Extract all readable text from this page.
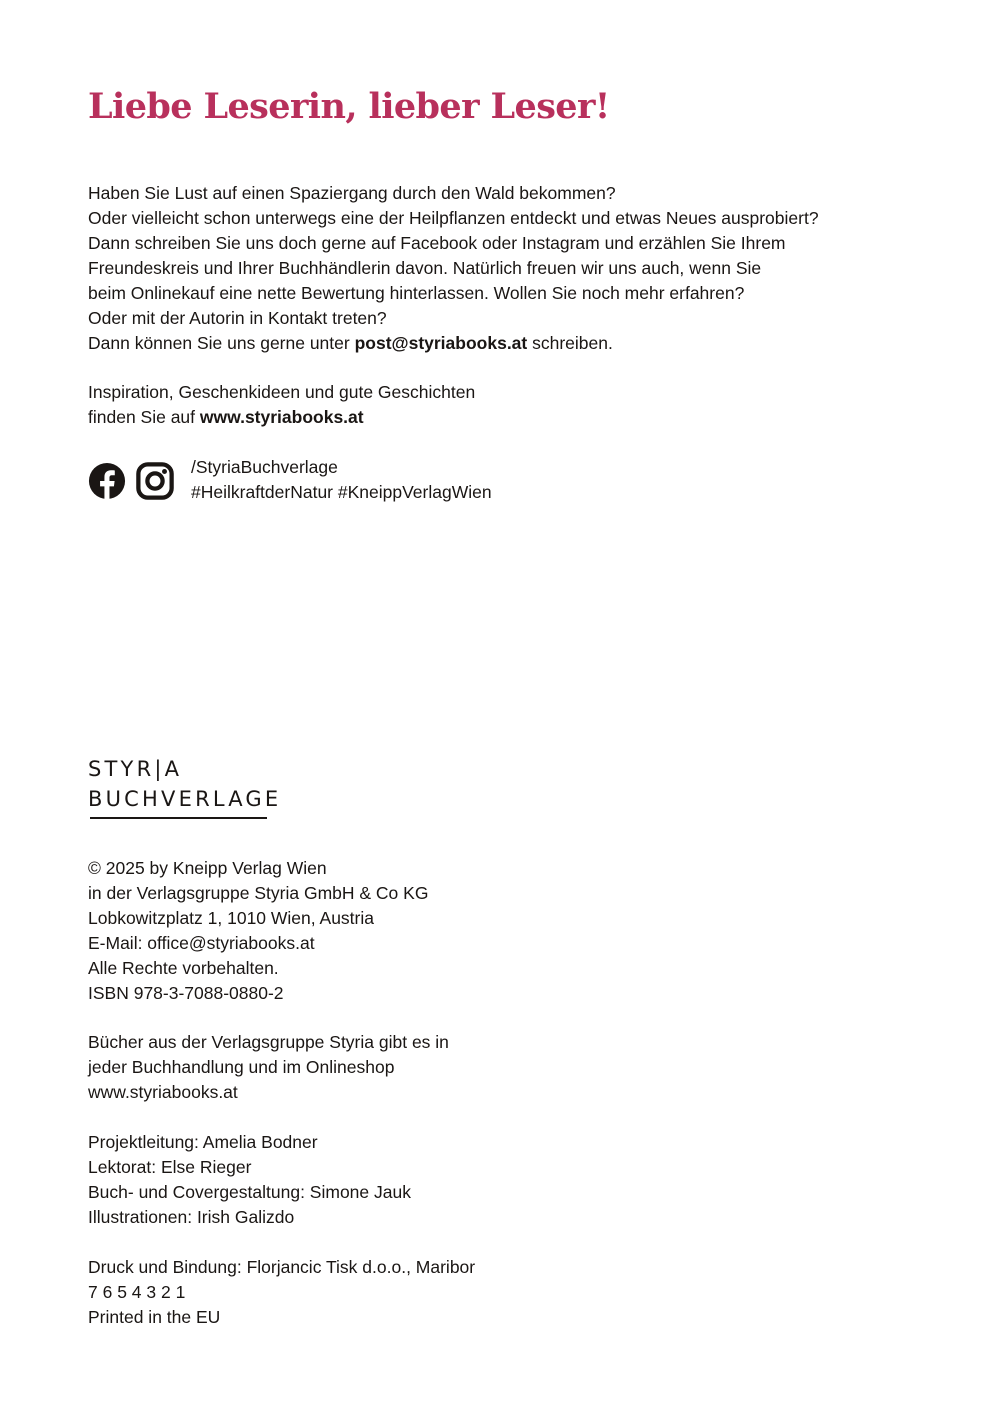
Liebe Leserin, lieber Leser!
Haben Sie Lust auf einen Spaziergang durch den Wald bekommen?
Oder vielleicht schon unterwegs eine der Heilpflanzen entdeckt und etwas Neues ausprobiert?
Dann schreiben Sie uns doch gerne auf Facebook oder Instagram und erzählen Sie Ihrem
Freundeskreis und Ihrer Buchhändlerin davon. Natürlich freuen wir uns auch, wenn Sie
beim Onlinekauf eine nette Bewertung hinterlassen. Wollen Sie noch mehr erfahren?
Oder mit der Autorin in Kontakt treten?
Dann können Sie uns gerne unter post@styriabooks.at schreiben.
Inspiration, Geschenkideen und gute Geschichten
finden Sie auf www.styriabooks.at
/StyriaBuchverlage
#HeilkraftderNatur #KneippVerlagWien
STYR|A
BUCHVERLAGE
© 2025 by Kneipp Verlag Wien
in der Verlagsgruppe Styria GmbH & Co KG
Lobkowitzplatz 1, 1010 Wien, Austria
E-Mail: office@styriabooks.at
Alle Rechte vorbehalten.
ISBN 978-3-7088-0880-2
Bücher aus der Verlagsgruppe Styria gibt es in
jeder Buchhandlung und im Onlineshop
www.styriabooks.at
Projektleitung: Amelia Bodner
Lektorat: Else Rieger
Buch- und Covergestaltung: Simone Jauk
Illustrationen: Irish Galizdo
Druck und Bindung: Florjancic Tisk d.o.o., Maribor
7 6 5 4 3 2 1
Printed in the EU
